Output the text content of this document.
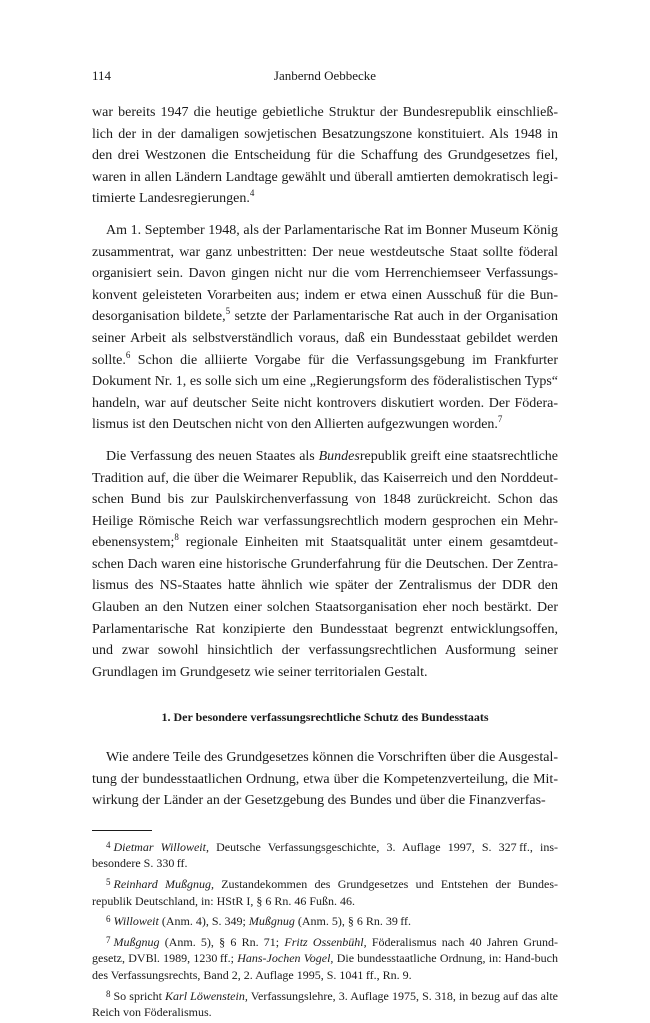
114	Janbernd Oebbecke

war bereits 1947 die heutige gebietliche Struktur der Bundesrepublik einschließ-lich der in der damaligen sowjetischen Besatzungszone konstituiert. Als 1948 in den drei Westzonen die Entscheidung für die Schaffung des Grundgesetzes fiel, waren in allen Ländern Landtage gewählt und überall amtierten demokratisch legi-timierte Landesregierungen.$^4$

Am 1. September 1948, als der Parlamentarische Rat im Bonner Museum König zusammentrat, war ganz unbestritten: Der neue westdeutsche Staat sollte föderal organisiert sein. Davon gingen nicht nur die vom Herrenchiemseer Verfassungs-konvent geleisteten Vorarbeiten aus; indem er etwa einen Ausschuß für die Bun-desorganisation bildete,$^5$ setzte der Parlamentarische Rat auch in der Organisation seiner Arbeit als selbstverständlich voraus, daß ein Bundesstaat gebildet werden sollte.$^6$ Schon die alliierte Vorgabe für die Verfassungsgebung im Frankfurter Dokument Nr. 1, es solle sich um eine „Regierungsform des föderalistischen Typs“ handeln, war auf deutscher Seite nicht kontrovers diskutiert worden. Der Födera-lismus ist den Deutschen nicht von den Allierten aufgezwungen worden.$^7$

Die Verfassung des neuen Staates als Bundesrepublik greift eine staatsrechtliche Tradition auf, die über die Weimarer Republik, das Kaiserreich und den Norddeut-schen Bund bis zur Paulskirchenverfassung von 1848 zurückreicht. Schon das Heilige Römische Reich war verfassungsrechtlich modern gesprochen ein Mehr-ebenensystem;$^8$ regionale Einheiten mit Staatsqualität unter einem gesamtdeut-schen Dach waren eine historische Grunderfahrung für die Deutschen. Der Zentra-lismus des NS-Staates hatte ähnlich wie später der Zentralismus der DDR den Glauben an den Nutzen einer solchen Staatsorganisation eher noch bestärkt. Der Parlamentarische Rat konzipierte den Bundesstaat begrenzt entwicklungsoffen, und zwar sowohl hinsichtlich der verfassungsrechtlichen Ausformung seiner Grundlagen im Grundgesetz wie seiner territorialen Gestalt.

1. Der besondere verfassungsrechtliche Schutz des Bundesstaats

Wie andere Teile des Grundgesetzes können die Vorschriften über die Ausgestal-tung der bundesstaatlichen Ordnung, etwa über die Kompetenzverteilung, die Mit-wirkung der Länder an der Gesetzgebung des Bundes und über die Finanzverfas-

$^4$ Dietmar Willoweit, Deutsche Verfassungsgeschichte, 3. Auflage 1997, S. 327 ff., ins-besondere S. 330 ff.

$^5$ Reinhard Mußgnug, Zustandekommen des Grundgesetzes und Entstehen der Bundes-republik Deutschland, in: HStR I, § 6 Rn. 46 Fußn. 46.

$^6$ Willoweit (Anm. 4), S. 349; Mußgnug (Anm. 5), § 6 Rn. 39 ff.

$^7$ Mußgnug (Anm. 5), § 6 Rn. 71; Fritz Ossenbühl, Föderalismus nach 40 Jahren Grund-gesetz, DVBl. 1989, 1230 ff.; Hans-Jochen Vogel, Die bundesstaatliche Ordnung, in: Hand-buch des Verfassungsrechts, Band 2, 2. Auflage 1995, S. 1041 ff., Rn. 9.

$^8$ So spricht Karl Löwenstein, Verfassungslehre, 3. Auflage 1975, S. 318, in bezug auf das alte Reich von Föderalismus.
